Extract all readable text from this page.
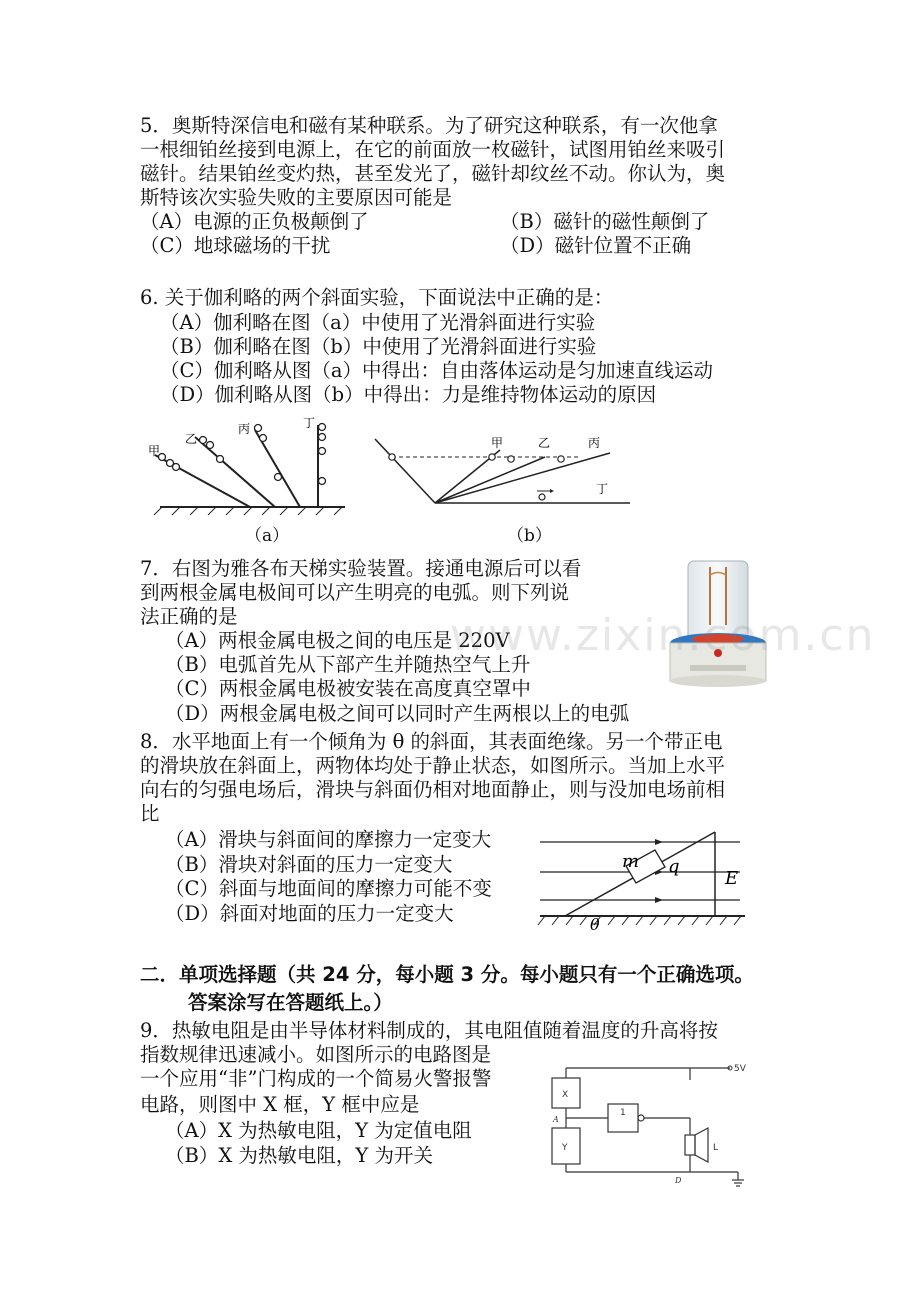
5．奥斯特深信电和磁有某种联系。为了研究这种联系，有一次他拿
一根细铂丝接到电源上，在它的前面放一枚磁针，试图用铂丝来吸引
磁针。结果铂丝变灼热，甚至发光了，磁针却纹丝不动。你认为，奥
斯特该次实验失败的主要原因可能是
（A）电源的正负极颠倒了	（B）磁针的磁性颠倒了
（C）地球磁场的干扰	（D）磁针位置不正确
6. 关于伽利略的两个斜面实验，下面说法中正确的是：
（A）伽利略在图（a）中使用了光滑斜面进行实验
（B）伽利略在图（b）中使用了光滑斜面进行实验
（C）伽利略从图（a）中得出：自由落体运动是匀加速直线运动
（D）伽利略从图（b）中得出：力是维持物体运动的原因
甲
乙
丙	丁
（a）
甲	乙	丙
丁
（b）
7．右图为雅各布天梯实验装置。接通电源后可以看
到两根金属电极间可以产生明亮的电弧。则下列说
法正确的是
（A）两根金属电极之间的电压是 220V
（B）电弧首先从下部产生并随热空气上升
（C）两根金属电极被安装在高度真空罩中
（D）两根金属电极之间可以同时产生两根以上的电弧
8．水平地面上有一个倾角为 θ 的斜面，其表面绝缘。另一个带正电
的滑块放在斜面上，两物体均处于静止状态，如图所示。当加上水平
向右的匀强电场后，滑块与斜面仍相对地面静止，则与没加电场前相
比
（A）滑块与斜面间的摩擦力一定变大
（B）滑块对斜面的压力一定变大
（C）斜面与地面间的摩擦力可能不变
（D）斜面对地面的压力一定变大
m q
E
θ
二．单项选择题（共 24 分，每小题 3 分。每小题只有一个正确选项。
答案涂写在答题纸上。）
9．热敏电阻是由半导体材料制成的，其电阻值随着温度的升高将按
指数规律迅速减小。如图所示的电路图是
一个应用“非”门构成的一个简易火警报警
电路，则图中 X 框，Y 框中应是
（A）X 为热敏电阻，Y 为定值电阻
（B）X 为热敏电阻，Y 为开关
5V
X
Y
A
1
L
D
www.zixin.com.cn
